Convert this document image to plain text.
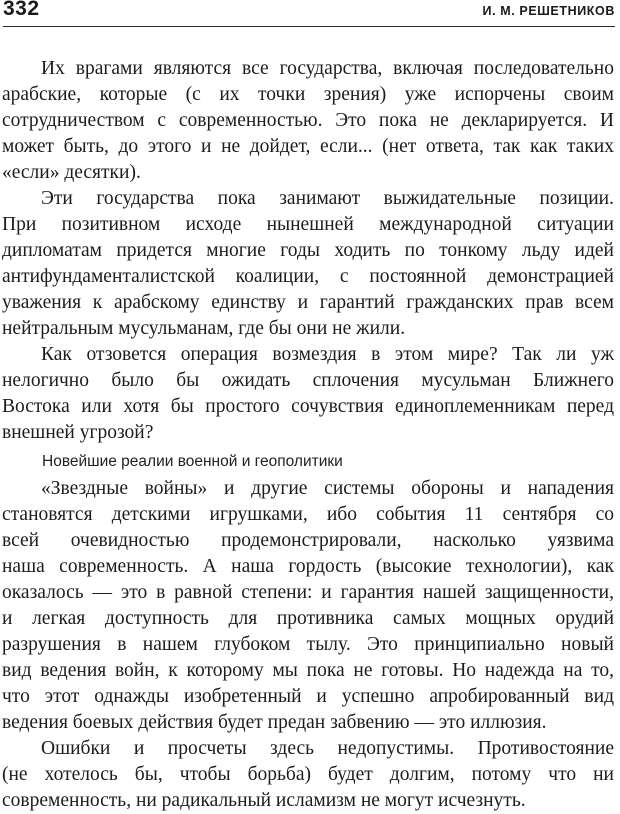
332	И. М. РЕШЕТНИКОВ
Их врагами являются все государства, включая последовательно
арабские, которые (с их точки зрения) уже испорчены своим
сотрудничеством с современностью. Это пока не декларируется. И
может быть, до этого и не дойдет, если... (нет ответа, так как таких
«если» десятки).
Эти государства пока занимают выжидательные позиции.
При позитивном исходе нынешней международной ситуации
дипломатам придется многие годы ходить по тонкому льду идей
антифундаменталистской коалиции, с постоянной демонстрацией
уважения к арабскому единству и гарантий гражданских прав всем
нейтральным мусульманам, где бы они не жили.
Как отзовется операция возмездия в этом мире? Так ли уж
нелогично было бы ожидать сплочения мусульман Ближнего
Востока или хотя бы простого сочувствия единоплеменникам перед
внешней угрозой?
Новейшие реалии военной и геополитики
«Звездные войны» и другие системы обороны и нападения
становятся детскими игрушками, ибо события 11 сентября со
всей очевидностью продемонстрировали, насколько уязвима
наша современность. А наша гордость (высокие технологии), как
оказалось — это в равной степени: и гарантия нашей защищенности,
и легкая доступность для противника самых мощных орудий
разрушения в нашем глубоком тылу. Это принципиально новый
вид ведения войн, к которому мы пока не готовы. Но надежда на то,
что этот однажды изобретенный и успешно апробированный вид
ведения боевых действия будет предан забвению — это иллюзия.
Ошибки и просчеты здесь недопустимы. Противостояние
(не хотелось бы, чтобы борьба) будет долгим, потому что ни
современность, ни радикальный исламизм не могут исчезнуть.
